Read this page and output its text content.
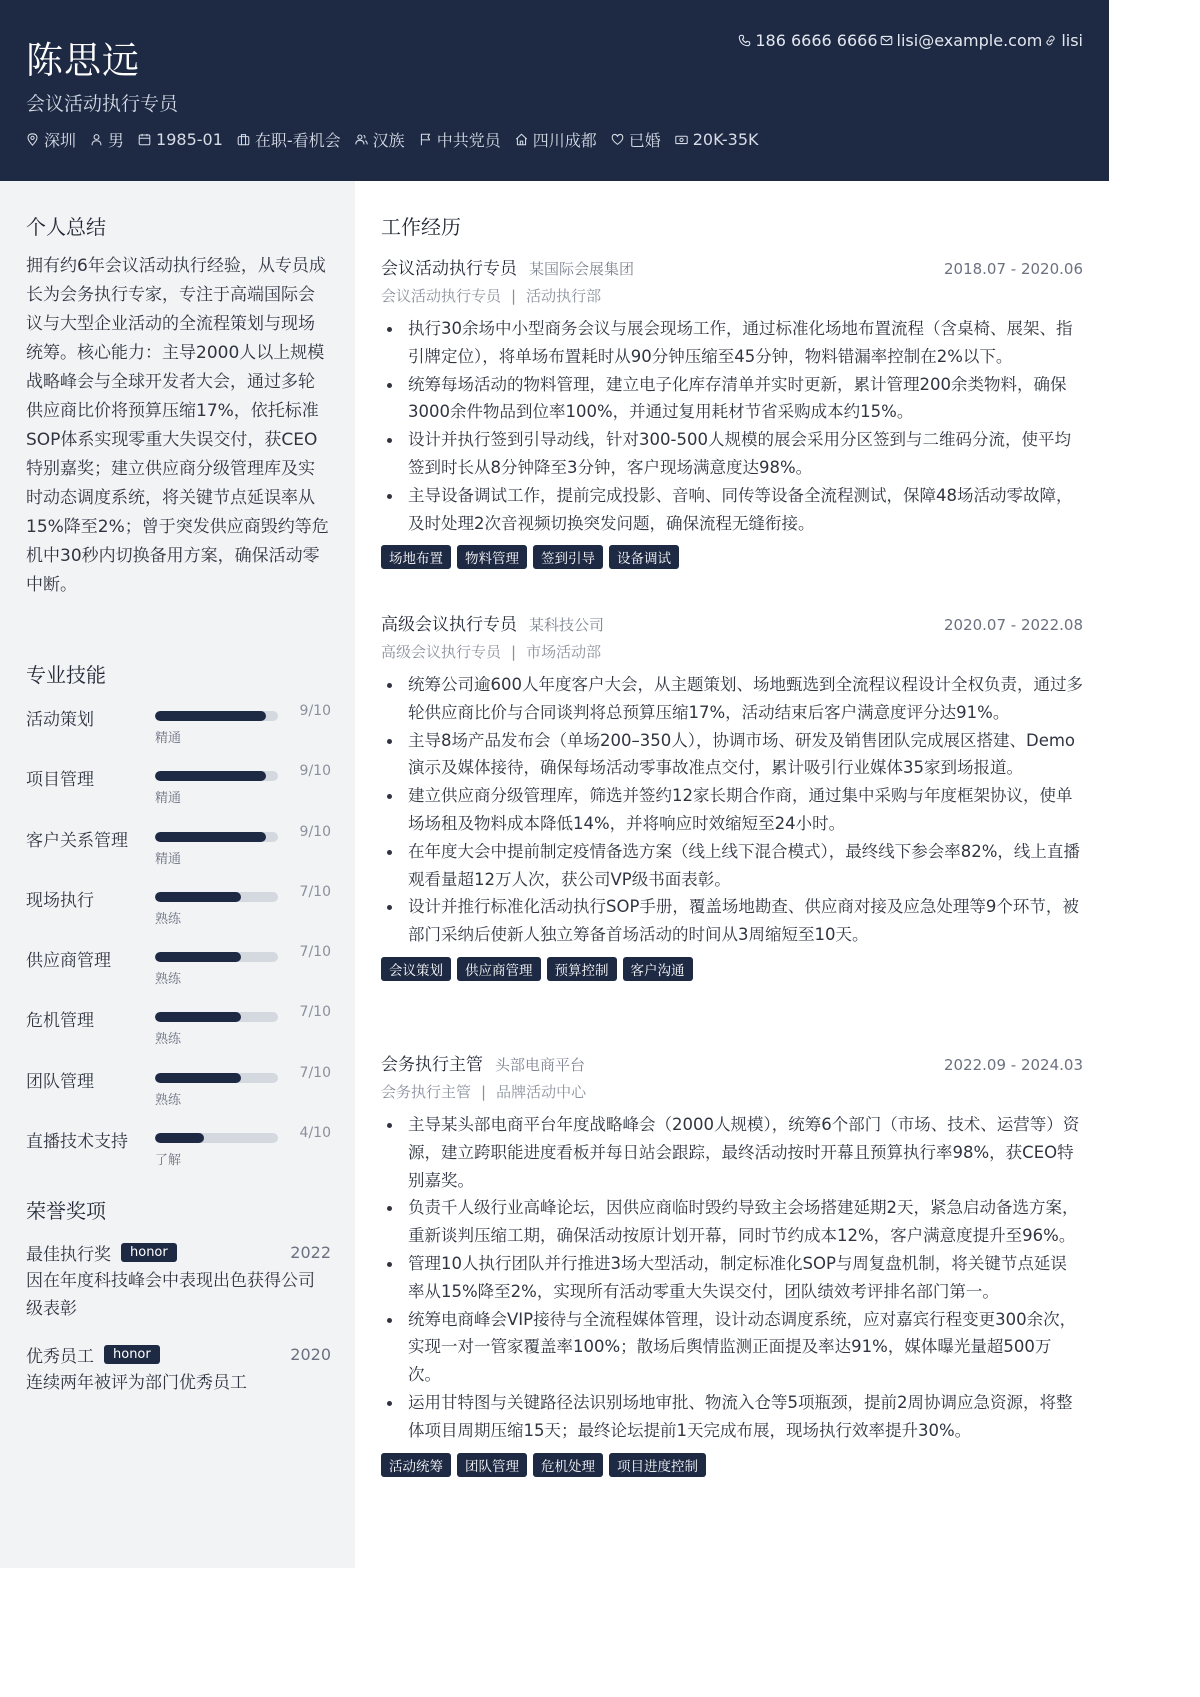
陈思远
会议活动执行专员
186 6666 6666 lisi@example.com lisi
深圳 男 1985-01 在职-看机会 汉族 中共党员 四川成都 已婚 20K-35K
个人总结
拥有约6年会议活动执行经验，从专员成长为会务执行专家，专注于高端国际会议与大型企业活动的全流程策划与现场统筹。核心能力：主导2000人以上规模战略峰会与全球开发者大会，通过多轮供应商比价将预算压缩17%，依托标准SOP体系实现零重大失误交付，获CEO特别嘉奖；建立供应商分级管理库及实时动态调度系统，将关键节点延误率从15%降至2%；曾于突发供应商毁约等危机中30秒内切换备用方案，确保活动零中断。
专业技能
活动策划	9/10
精通
项目管理	9/10
精通
客户关系管理	9/10
精通
现场执行	7/10
熟练
供应商管理	7/10
熟练
危机管理	7/10
熟练
团队管理	7/10
熟练
直播技术支持	4/10
了解
荣誉奖项
最佳执行奖	honor	2022
因在年度科技峰会中表现出色获得公司级表彰
优秀员工	honor	2020
连续两年被评为部门优秀员工
工作经历
会议活动执行专员 某国际会展集团	2018.07 - 2020.06
会议活动执行专员 | 活动执行部
执行30余场中小型商务会议与展会现场工作，通过标准化场地布置流程（含桌椅、展架、指引牌定位），将单场布置耗时从90分钟压缩至45分钟，物料错漏率控制在2%以下。
统筹每场活动的物料管理，建立电子化库存清单并实时更新，累计管理200余类物料，确保3000余件物品到位率100%，并通过复用耗材节省采购成本约15%。
设计并执行签到引导动线，针对300-500人规模的展会采用分区签到与二维码分流，使平均签到时长从8分钟降至3分钟，客户现场满意度达98%。
主导设备调试工作，提前完成投影、音响、同传等设备全流程测试，保障48场活动零故障，及时处理2次音视频切换突发问题，确保流程无缝衔接。
场地布置	物料管理	签到引导	设备调试
高级会议执行专员 某科技公司	2020.07 - 2022.08
高级会议执行专员 | 市场活动部
统筹公司逾600人年度客户大会，从主题策划、场地甄选到全流程议程设计全权负责，通过多轮供应商比价与合同谈判将总预算压缩17%，活动结束后客户满意度评分达91%。
主导8场产品发布会（单场200–350人），协调市场、研发及销售团队完成展区搭建、Demo演示及媒体接待，确保每场活动零事故准点交付，累计吸引行业媒体35家到场报道。
建立供应商分级管理库，筛选并签约12家长期合作商，通过集中采购与年度框架协议，使单场场租及物料成本降低14%，并将响应时效缩短至24小时。
在年度大会中提前制定疫情备选方案（线上线下混合模式），最终线下参会率82%，线上直播观看量超12万人次，获公司VP级书面表彰。
设计并推行标准化活动执行SOP手册，覆盖场地勘查、供应商对接及应急处理等9个环节，被部门采纳后使新人独立筹备首场活动的时间从3周缩短至10天。
会议策划	供应商管理	预算控制	客户沟通
会务执行主管 头部电商平台	2022.09 - 2024.03
会务执行主管 | 品牌活动中心
主导某头部电商平台年度战略峰会（2000人规模），统筹6个部门（市场、技术、运营等）资源，建立跨职能进度看板并每日站会跟踪，最终活动按时开幕且预算执行率98%，获CEO特别嘉奖。
负责千人级行业高峰论坛，因供应商临时毁约导致主会场搭建延期2天，紧急启动备选方案，重新谈判压缩工期，确保活动按原计划开幕，同时节约成本12%，客户满意度提升至96%。
管理10人执行团队并行推进3场大型活动，制定标准化SOP与周复盘机制，将关键节点延误率从15%降至2%，实现所有活动零重大失误交付，团队绩效考评排名部门第一。
统筹电商峰会VIP接待与全流程媒体管理，设计动态调度系统，应对嘉宾行程变更300余次，实现一对一管家覆盖率100%；散场后舆情监测正面提及率达91%，媒体曝光量超500万次。
运用甘特图与关键路径法识别场地审批、物流入仓等5项瓶颈，提前2周协调应急资源，将整体项目周期压缩15天；最终论坛提前1天完成布展，现场执行效率提升30%。
活动统筹	团队管理	危机处理	项目进度控制
